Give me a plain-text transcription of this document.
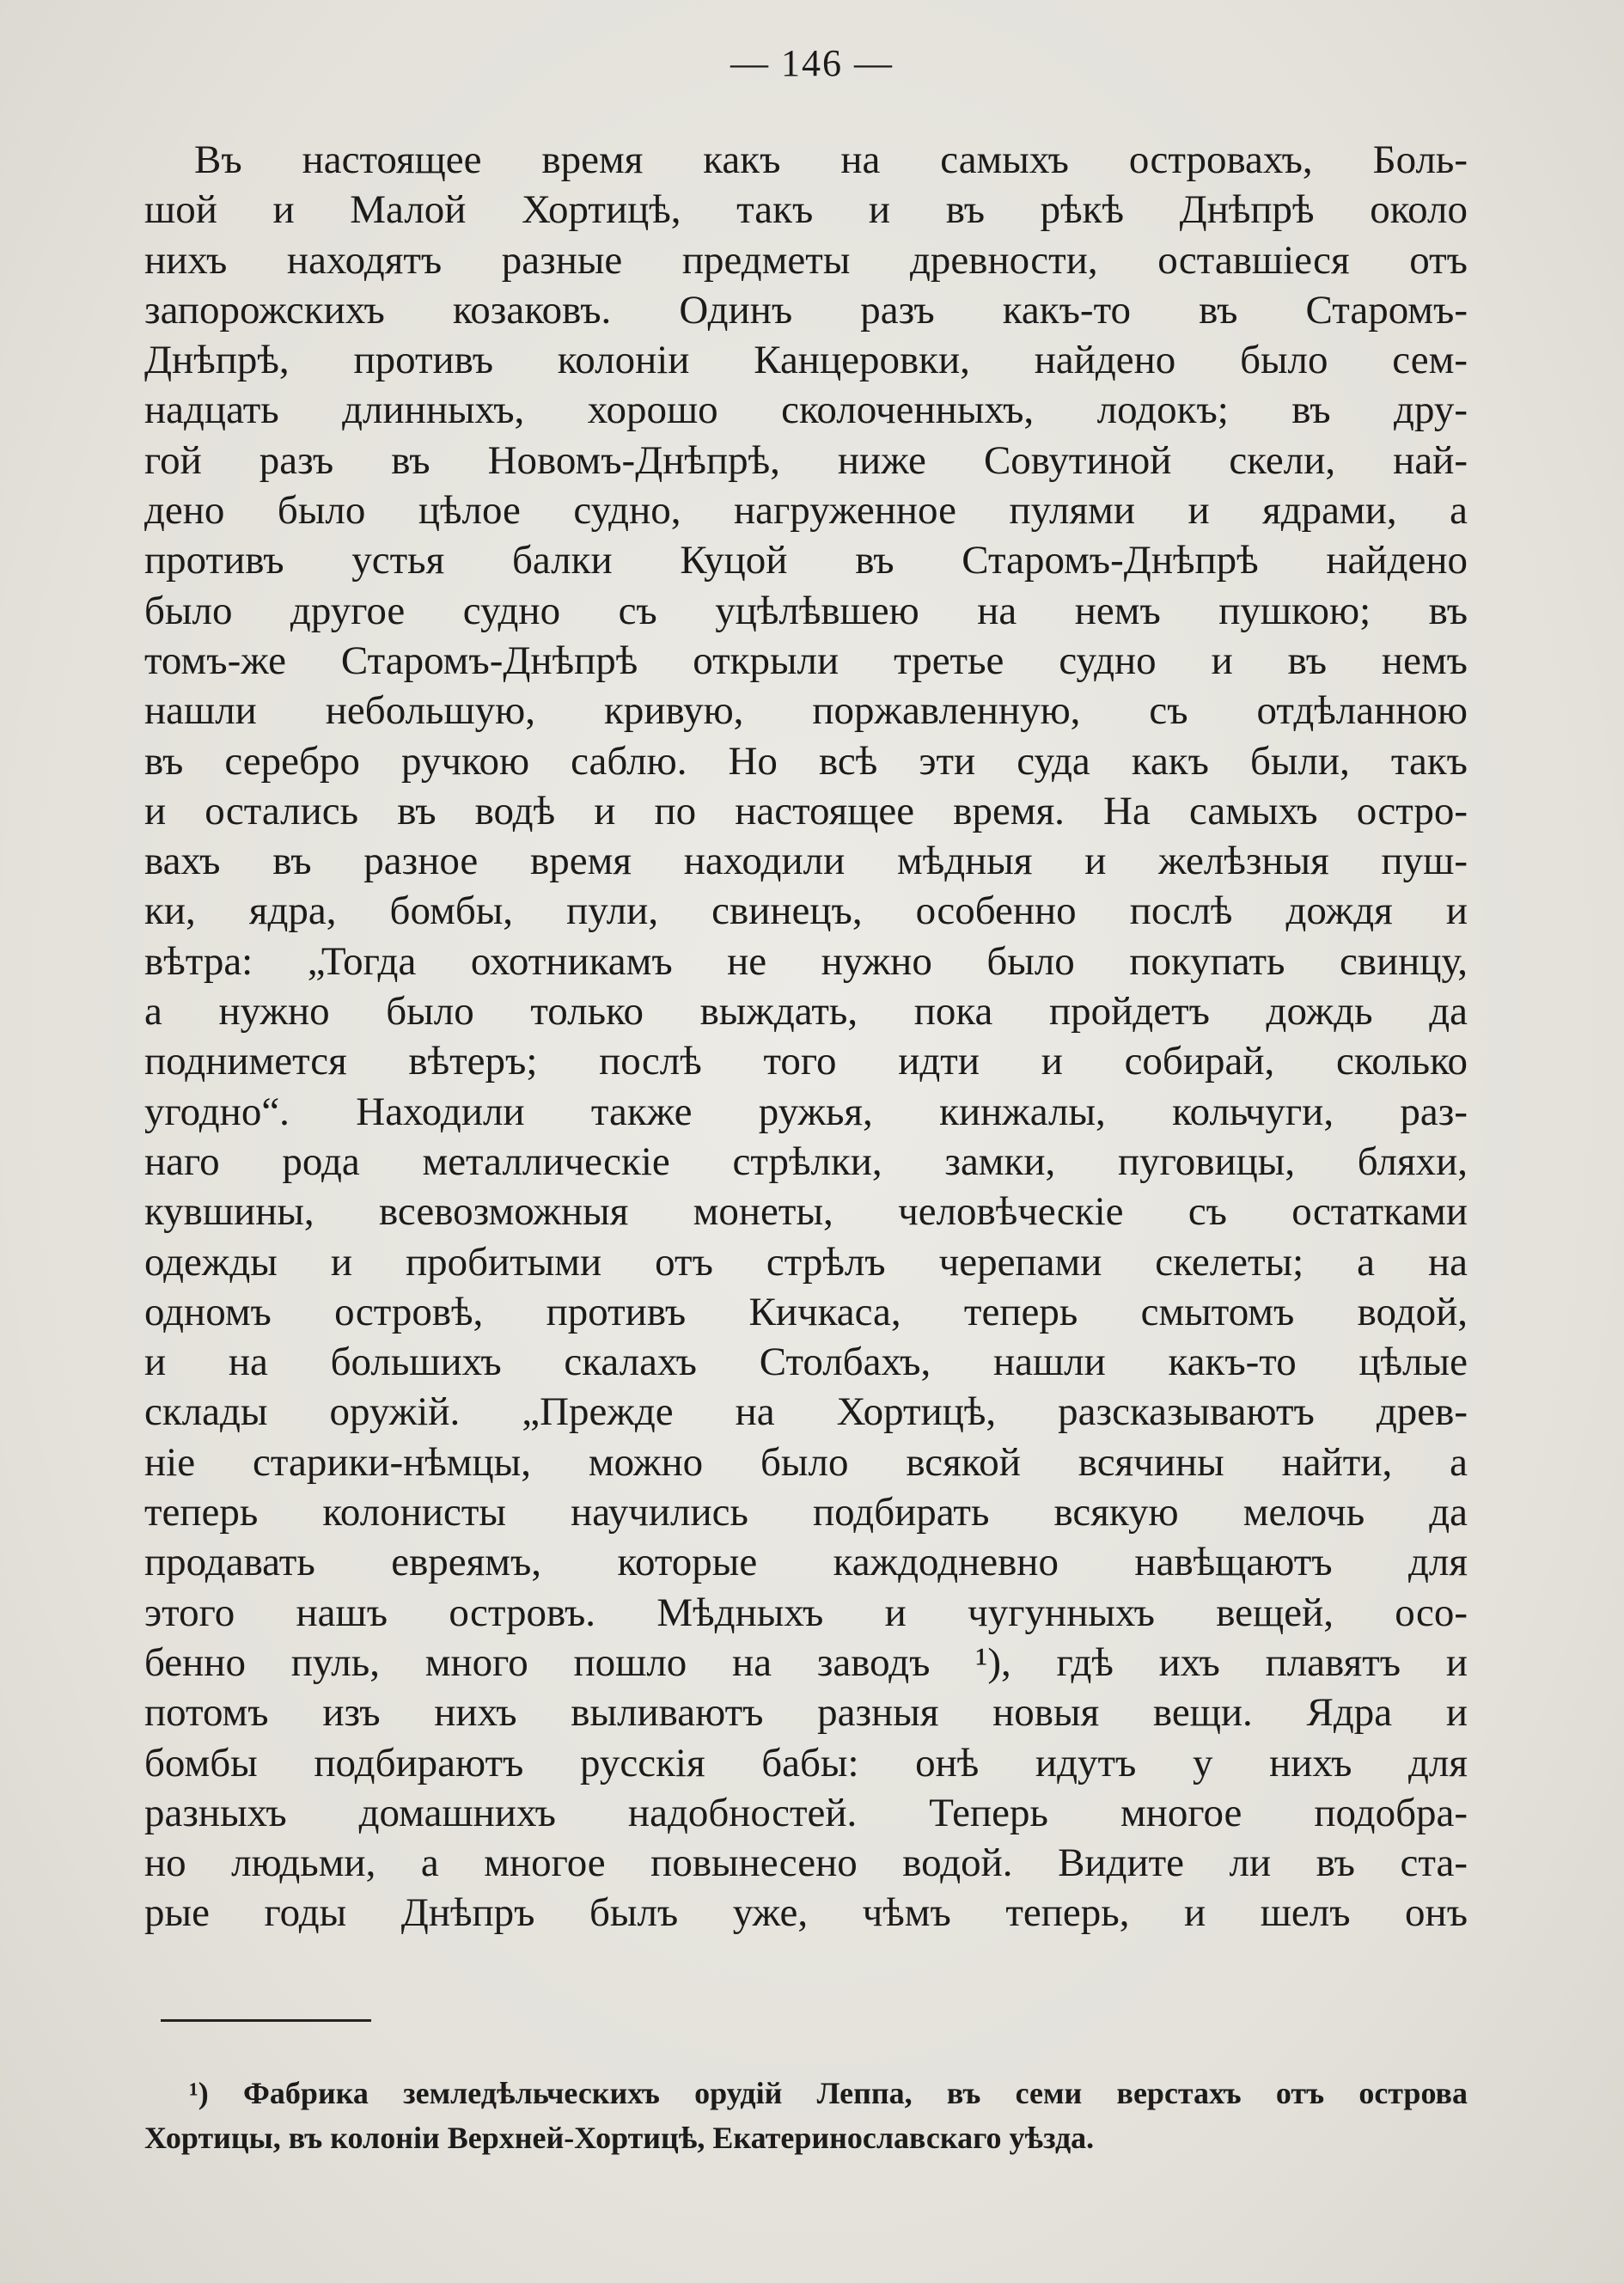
— 146 —
Въ настоящее время какъ на самыхъ островахъ, Боль-
шой и Малой Хортицѣ, такъ и въ рѣкѣ Днѣпрѣ около
нихъ находятъ разные предметы древности, оставшіеся отъ
запорожскихъ козаковъ. Одинъ разъ какъ-то въ Старомъ-
Днѣпрѣ, противъ колоніи Канцеровки, найдено было сем-
надцать длинныхъ, хорошо сколоченныхъ, лодокъ; въ дру-
гой разъ въ Новомъ-Днѣпрѣ, ниже Совутиной скели, най-
дено было цѣлое судно, нагруженное пулями и ядрами, а
противъ устья балки Куцой въ Старомъ-Днѣпрѣ найдено
было другое судно съ уцѣлѣвшею на немъ пушкою; въ
томъ-же Старомъ-Днѣпрѣ открыли третье судно и въ немъ
нашли небольшую, кривую, поржавленную, съ отдѣланною
въ серебро ручкою саблю. Но всѣ эти суда какъ были, такъ
и остались въ водѣ и по настоящее время. На самыхъ остро-
вахъ въ разное время находили мѣдныя и желѣзныя пуш-
ки, ядра, бомбы, пули, свинецъ, особенно послѣ дождя и
вѣтра: „Тогда охотникамъ не нужно было покупать свинцу,
а нужно было только выждать, пока пройдетъ дождь да
поднимется вѣтеръ; послѣ того идти и собирай, сколько
угодно“. Находили также ружья, кинжалы, кольчуги, раз-
наго рода металлическіе стрѣлки, замки, пуговицы, бляхи,
кувшины, всевозможныя монеты, человѣческіе съ остатками
одежды и пробитыми отъ стрѣлъ черепами скелеты; а на
одномъ островѣ, противъ Кичкаса, теперь смытомъ водой,
и на большихъ скалахъ Столбахъ, нашли какъ-то цѣлые
склады оружій. „Прежде на Хортицѣ, разсказываютъ древ-
ніе старики-нѣмцы, можно было всякой всячины найти, а
теперь колонисты научились подбирать всякую мелочь да
продавать евреямъ, которые каждодневно навѣщаютъ для
этого нашъ островъ. Мѣдныхъ и чугунныхъ вещей, осо-
бенно пуль, много пошло на заводъ ¹), гдѣ ихъ плавятъ и
потомъ изъ нихъ выливаютъ разныя новыя вещи. Ядра и
бомбы подбираютъ русскія бабы: онѣ идутъ у нихъ для
разныхъ домашнихъ надобностей. Теперь многое подобра-
но людьми, а многое повынесено водой. Видите ли въ ста-
рые годы Днѣпръ былъ уже, чѣмъ теперь, и шелъ онъ
¹) Фабрика земледѣльческихъ орудій Леппа, въ семи верстахъ отъ острова
Хортицы, въ колоніи Верхней-Хортицѣ, Екатеринославскаго уѣзда.
